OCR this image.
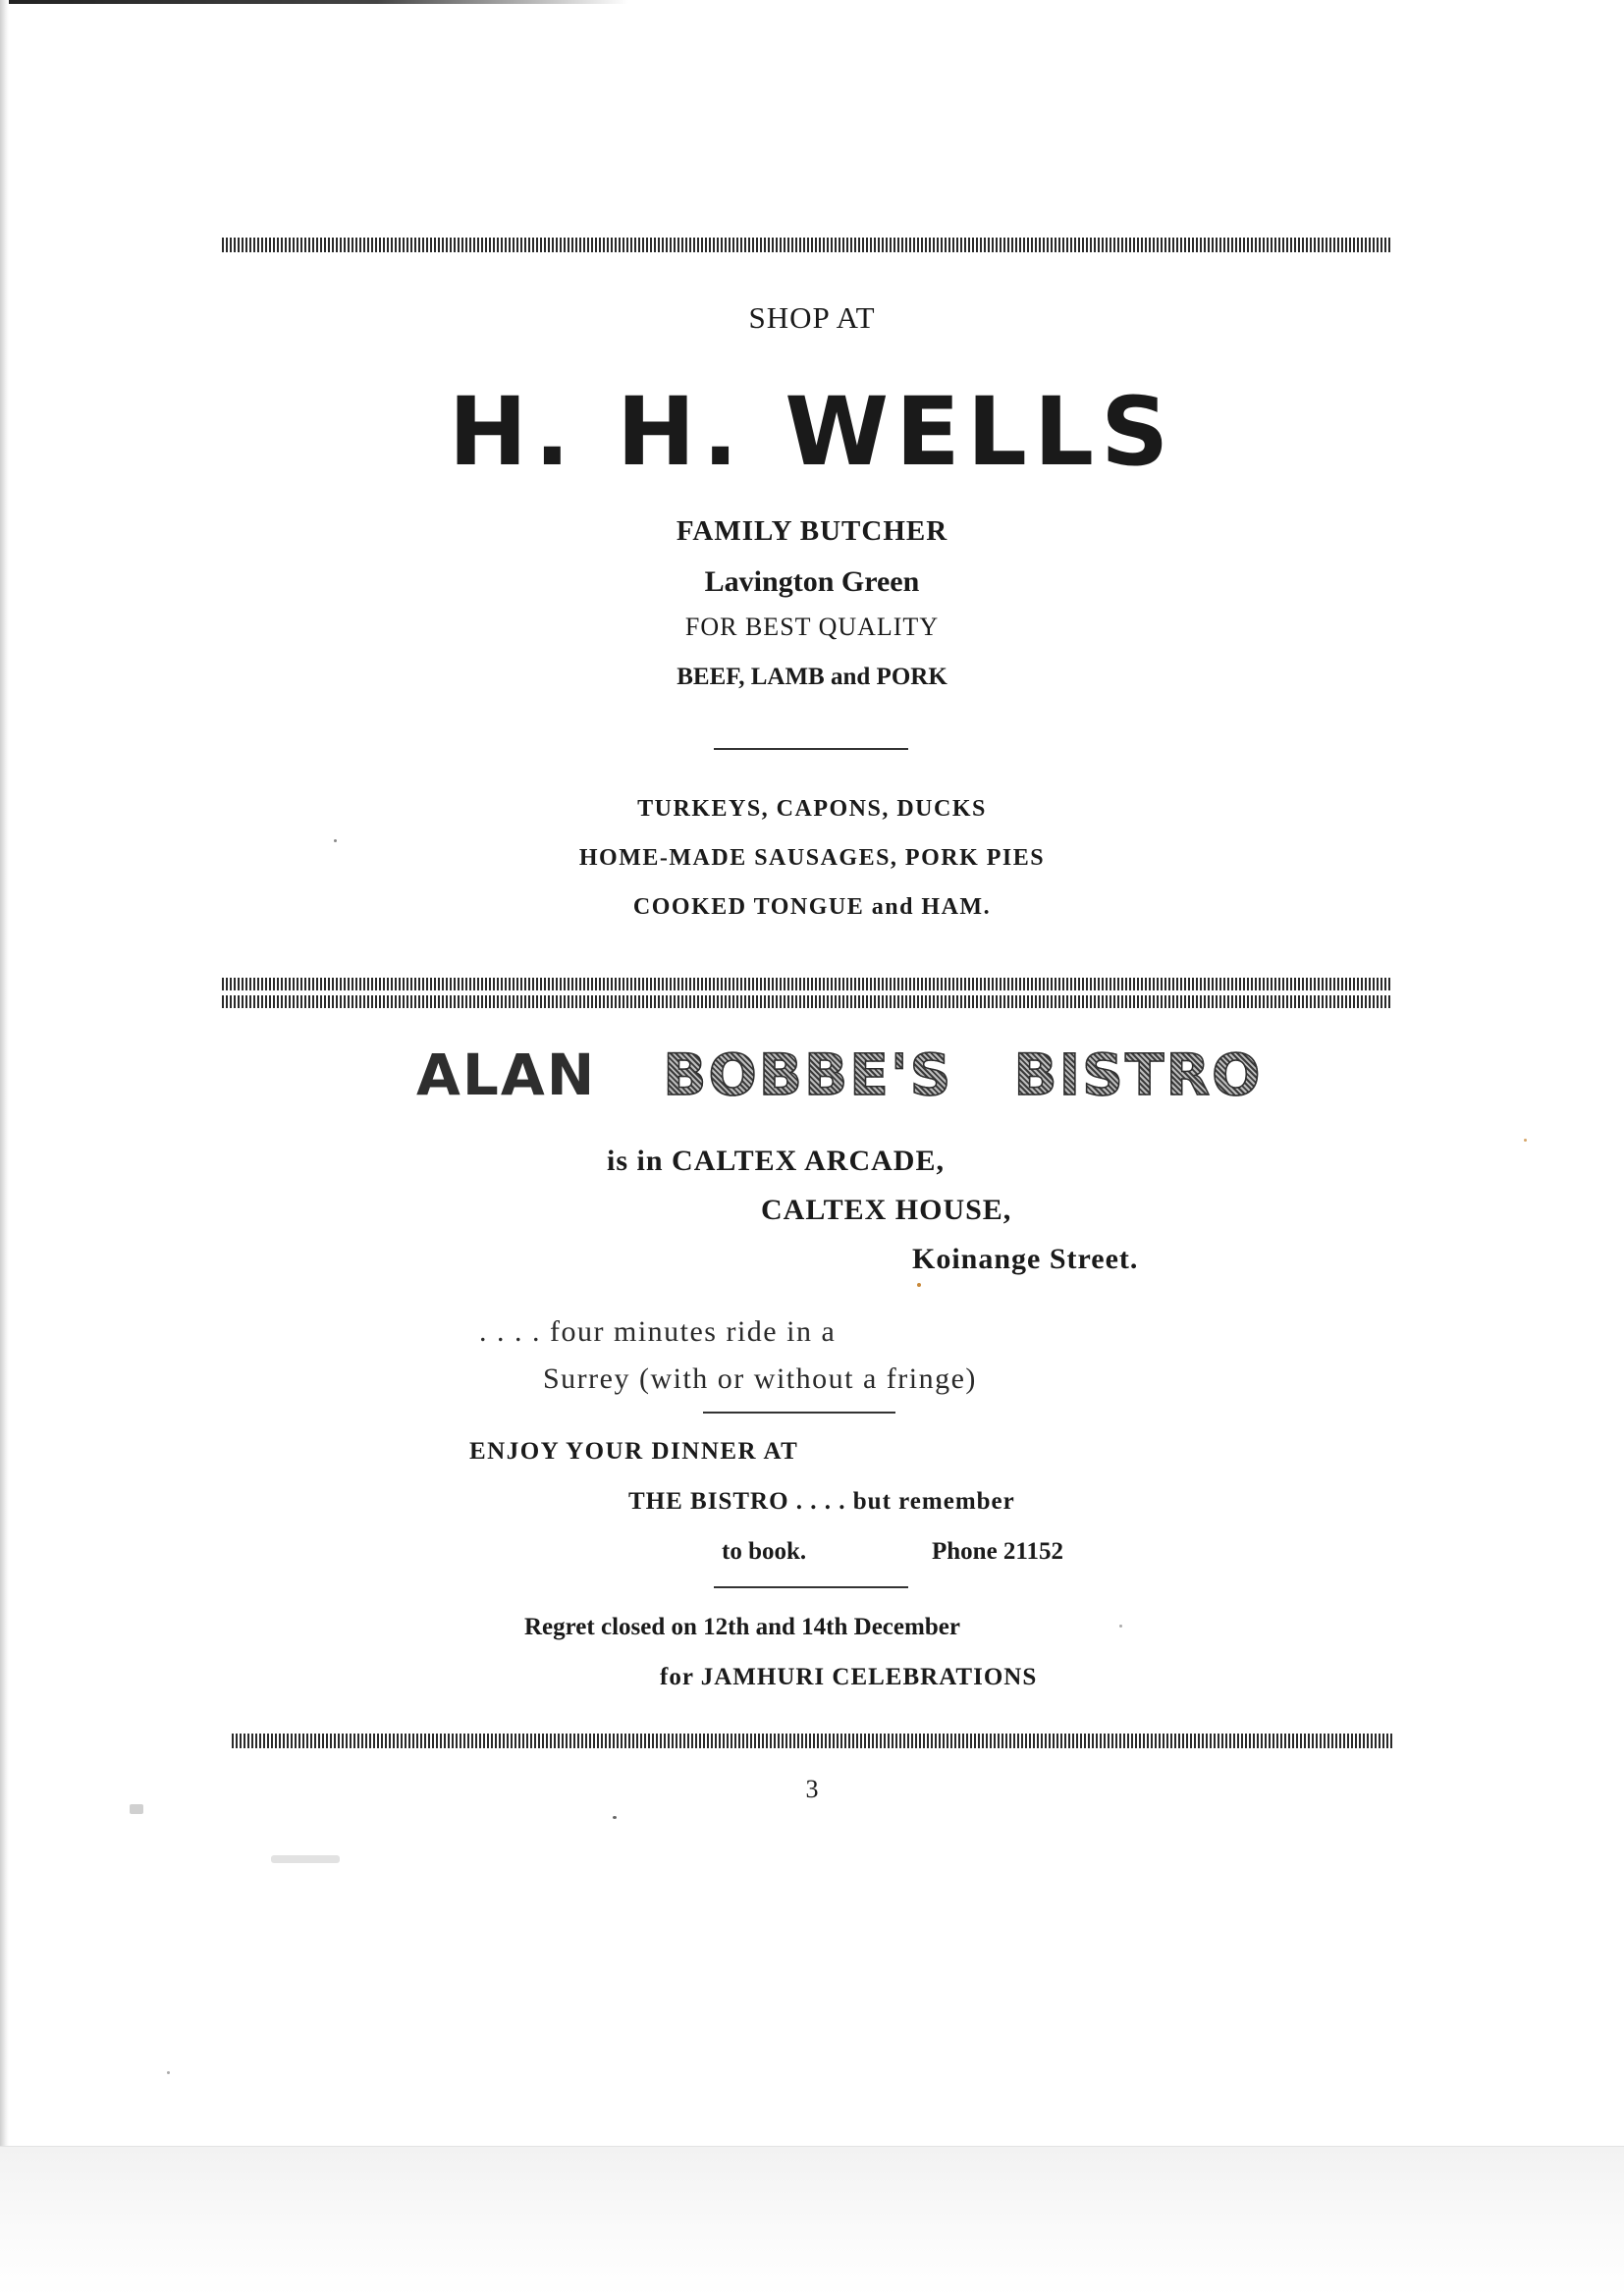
SHOP AT

H. H. WELLS

FAMILY BUTCHER

Lavington Green

FOR BEST QUALITY

BEEF, LAMB and PORK

TURKEYS, CAPONS, DUCKS

HOME-MADE SAUSAGES, PORK PIES

COOKED TONGUE and HAM.

ALAN BOBBE'S BISTRO

is in CALTEX ARCADE,

CALTEX HOUSE,

Koinange Street.

. . . . four minutes ride in a

Surrey (with or without a fringe)

ENJOY YOUR DINNER AT

THE BISTRO . . . . but remember

to book.	Phone 21152

Regret closed on 12th and 14th December

for JAMHURI CELEBRATIONS

3
